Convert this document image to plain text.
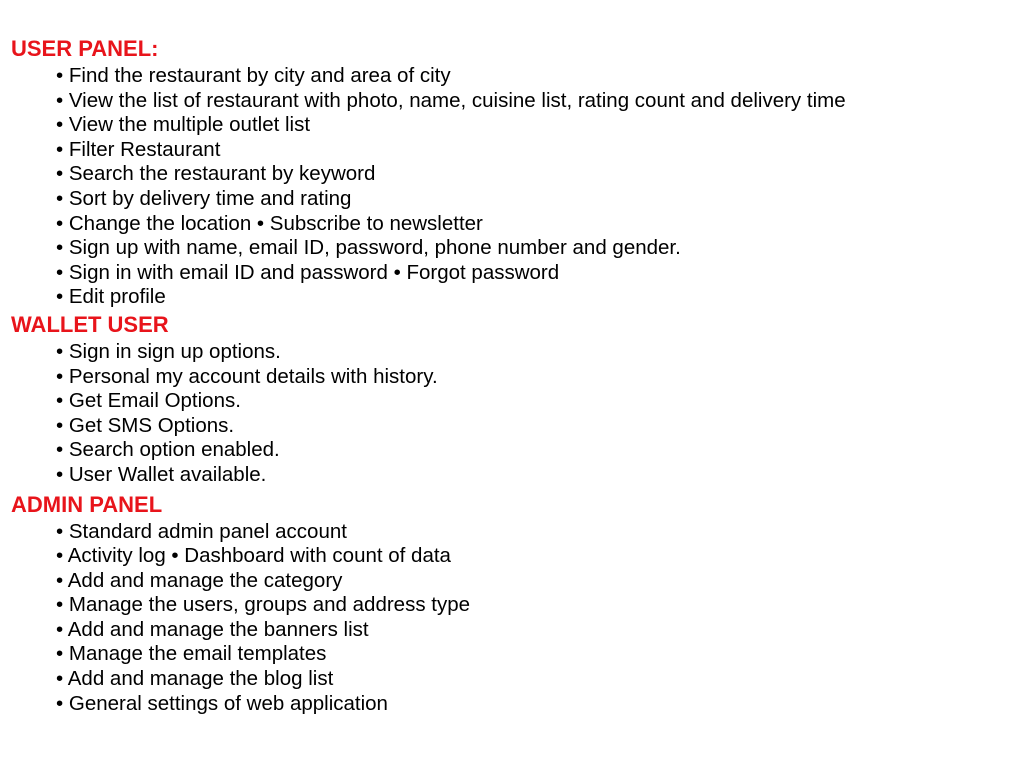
USER PANEL:
• Find the restaurant by city and area of city
• View the list of restaurant with photo, name, cuisine list, rating count and delivery time
• View the multiple outlet list
• Filter Restaurant
• Search the restaurant by keyword
• Sort by delivery time and rating
• Change the location • Subscribe to newsletter
• Sign up with name, email ID, password, phone number and gender.
• Sign in with email ID and password • Forgot password
• Edit profile
WALLET USER
• Sign in sign up options.
• Personal my account details with history.
• Get Email Options.
• Get SMS Options.
• Search option enabled.
• User Wallet available.
ADMIN PANEL
• Standard admin panel account
• Activity log • Dashboard with count of data
• Add and manage the category
• Manage the users, groups and address type
• Add and manage the banners list
• Manage the email templates
• Add and manage the blog list
• General settings of web application
